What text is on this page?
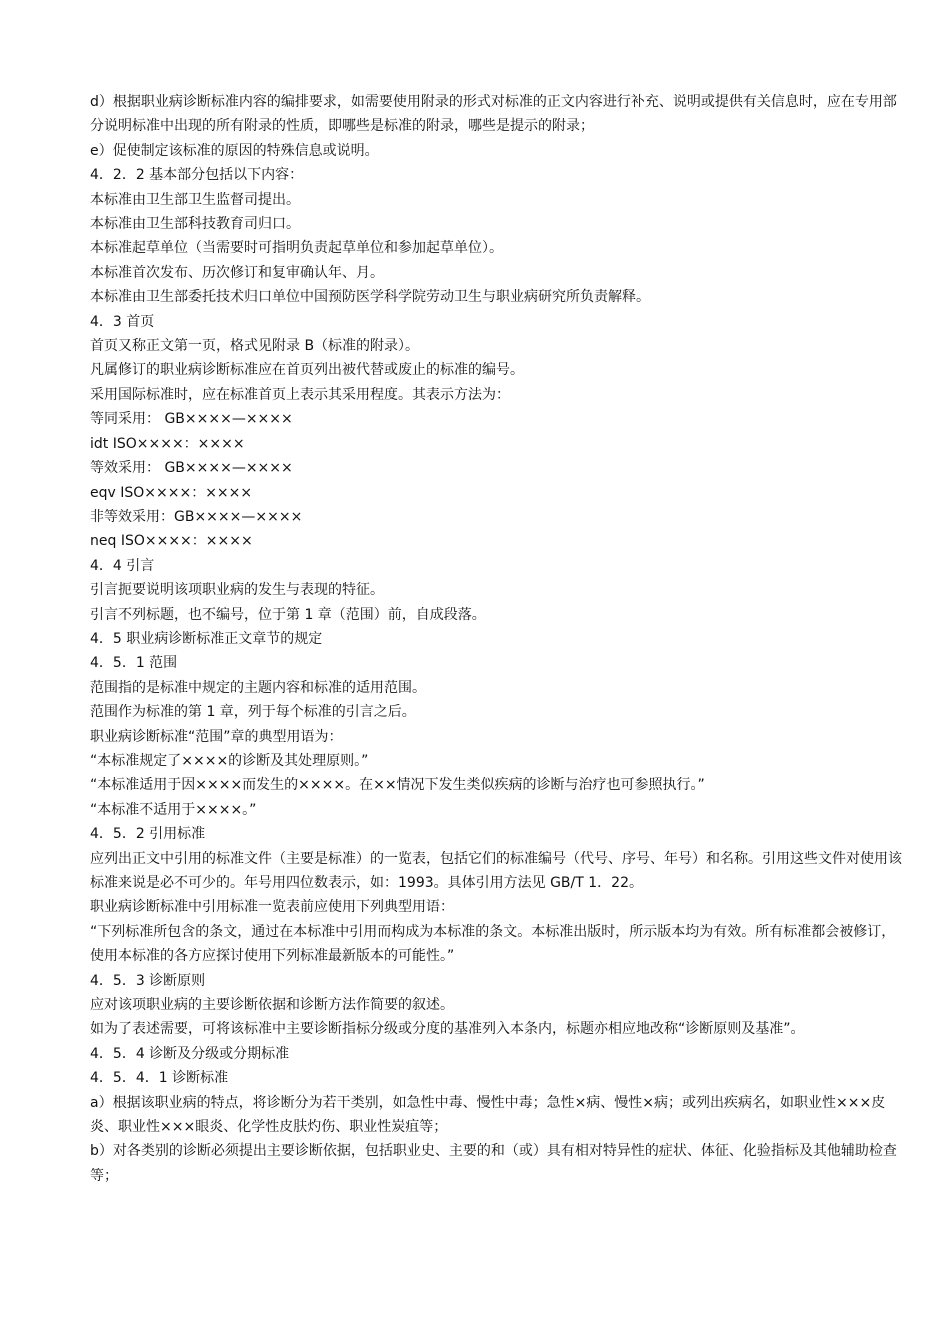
d）根据职业病诊断标准内容的编排要求，如需要使用附录的形式对标准的正文内容进行补充、说明或提供有关信息时，应在专用部分说明标准中出现的所有附录的性质，即哪些是标准的附录，哪些是提示的附录；

e）促使制定该标准的原因的特殊信息或说明。

4．2．2 基本部分包括以下内容：

本标准由卫生部卫生监督司提出。

本标准由卫生部科技教育司归口。

本标准起草单位（当需要时可指明负责起草单位和参加起草单位）。

本标准首次发布、历次修订和复审确认年、月。

本标准由卫生部委托技术归口单位中国预防医学科学院劳动卫生与职业病研究所负责解释。

4．3 首页

首页又称正文第一页，格式见附录 B（标准的附录）。

凡属修订的职业病诊断标准应在首页列出被代替或废止的标准的编号。

采用国际标准时，应在标准首页上表示其采用程度。其表示方法为：

等同采用： GB××××—××××

idt ISO××××：××××

等效采用： GB××××—××××

eqv ISO××××：××××

非等效采用：GB××××—××××

neq ISO××××：××××

4．4 引言

引言扼要说明该项职业病的发生与表现的特征。

引言不列标题，也不编号，位于第 1 章（范围）前，自成段落。

4．5 职业病诊断标准正文章节的规定

4．5．1 范围

范围指的是标准中规定的主题内容和标准的适用范围。

范围作为标准的第 1 章，列于每个标准的引言之后。

职业病诊断标准“范围”章的典型用语为：

“本标准规定了××××的诊断及其处理原则。”

“本标准适用于因××××而发生的××××。在××情况下发生类似疾病的诊断与治疗也可参照执行。”

“本标准不适用于××××。”

4．5．2 引用标准

应列出正文中引用的标准文件（主要是标准）的一览表，包括它们的标准编号（代号、序号、年号）和名称。引用这些文件对使用该标准来说是必不可少的。年号用四位数表示，如：1993。具体引用方法见 GB/T 1．22。

职业病诊断标准中引用标准一览表前应使用下列典型用语：

“下列标准所包含的条文，通过在本标准中引用而构成为本标准的条文。本标准出版时，所示版本均为有效。所有标准都会被修订，使用本标准的各方应探讨使用下列标准最新版本的可能性。”

4．5．3 诊断原则

应对该项职业病的主要诊断依据和诊断方法作简要的叙述。

如为了表述需要，可将该标准中主要诊断指标分级或分度的基准列入本条内，标题亦相应地改称“诊断原则及基准”。

4．5．4 诊断及分级或分期标准

4．5．4．1 诊断标准

a）根据该职业病的特点，将诊断分为若干类别，如急性中毒、慢性中毒；急性×病、慢性×病；或列出疾病名，如职业性×××皮炎、职业性×××眼炎、化学性皮肤灼伤、职业性炭疽等；

b）对各类别的诊断必须提出主要诊断依据，包括职业史、主要的和（或）具有相对特异性的症状、体征、化验指标及其他辅助检查等；
